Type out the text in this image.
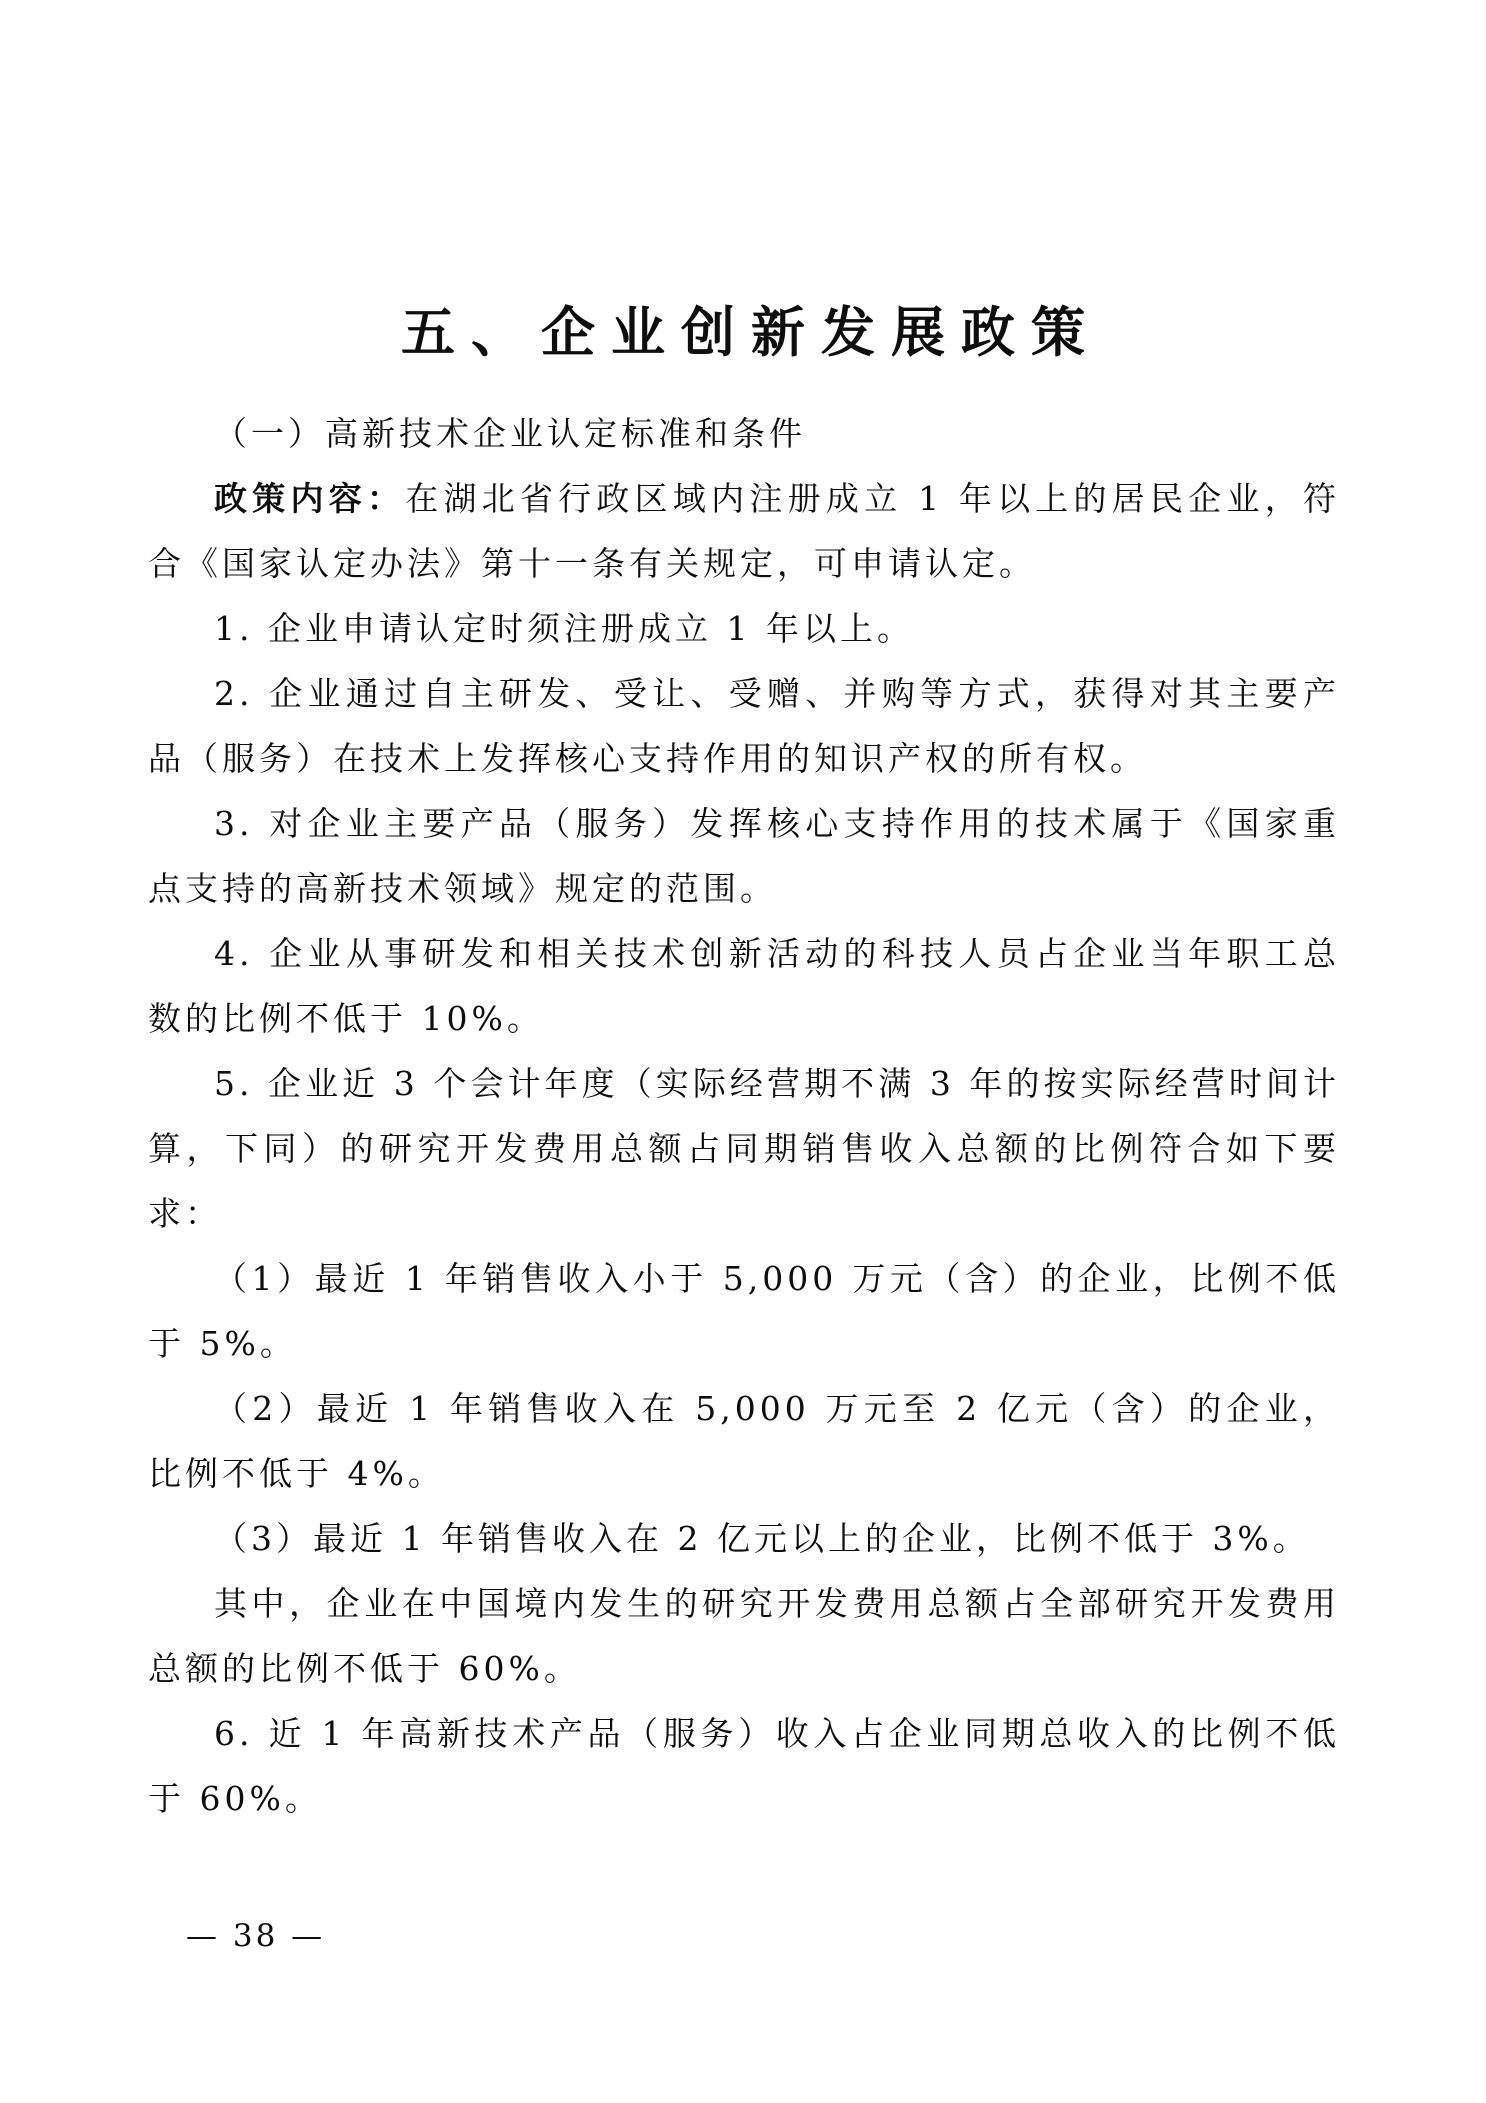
五、企业创新发展政策

（一）高新技术企业认定标准和条件

政策内容：在湖北省行政区域内注册成立 1 年以上的居民企业，符合《国家认定办法》第十一条有关规定，可申请认定。

1. 企业申请认定时须注册成立 1 年以上。

2. 企业通过自主研发、受让、受赠、并购等方式，获得对其主要产品（服务）在技术上发挥核心支持作用的知识产权的所有权。

3. 对企业主要产品（服务）发挥核心支持作用的技术属于《国家重点支持的高新技术领域》规定的范围。

4. 企业从事研发和相关技术创新活动的科技人员占企业当年职工总数的比例不低于 10%。

5. 企业近 3 个会计年度（实际经营期不满 3 年的按实际经营时间计算，下同）的研究开发费用总额占同期销售收入总额的比例符合如下要求：

（1）最近 1 年销售收入小于 5,000 万元（含）的企业，比例不低于 5%。

（2）最近 1 年销售收入在 5,000 万元至 2 亿元（含）的企业，比例不低于 4%。

（3）最近 1 年销售收入在 2 亿元以上的企业，比例不低于 3%。

其中，企业在中国境内发生的研究开发费用总额占全部研究开发费用总额的比例不低于 60%。

6. 近 1 年高新技术产品（服务）收入占企业同期总收入的比例不低于 60%。

— 38 —
